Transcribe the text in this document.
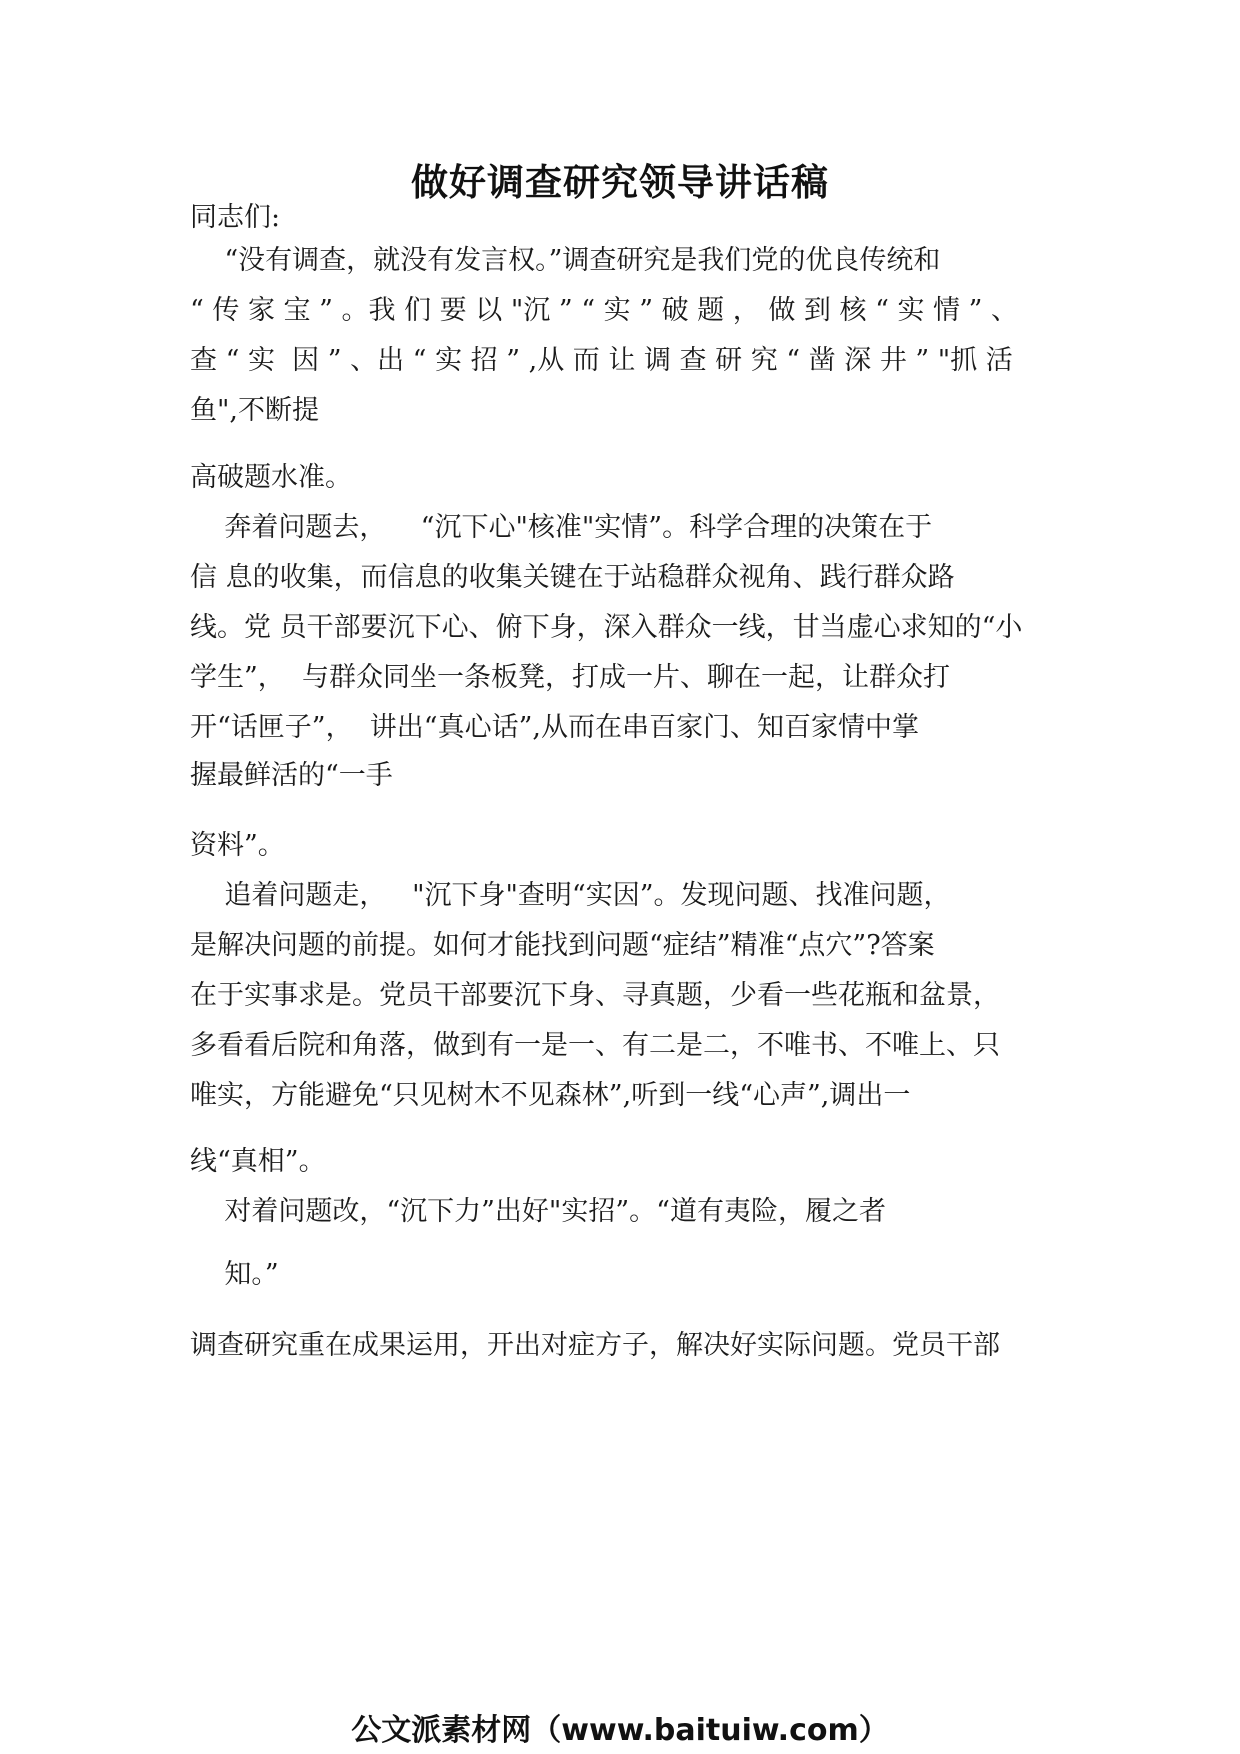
做好调查研究领导讲话稿
同志们:
“没有调查，就没有发言权。”调查研究是我们党的优良传统和
“ 传 家 宝 ” 。我 们 要 以 "沉 ” “ 实 ” 破 题 ， 做 到 核 “ 实 情 ” 、
查 “ 实  因 ” 、出 “ 实 招 ” ,从 而 让 调 查 研 究 “ 凿 深 井 ” "抓 活
鱼",不断提
高破题水准。
奔着问题去，    “沉下心"核准"实情”。科学合理的决策在于
信 息的收集，而信息的收集关键在于站稳群众视角、践行群众路
线。党 员干部要沉下心、俯下身，深入群众一线，甘当虚心求知的“小
学生”，  与群众同坐一条板凳，打成一片、聊在一起，让群众打
开“话匣子”，  讲出“真心话”,从而在串百家门、知百家情中掌
握最鲜活的“一手
资料”。
追着问题走，   "沉下身"查明“实因”。发现问题、找准问题，
是解决问题的前提。如何才能找到问题“症结”精准“点穴”?答案
在于实事求是。党员干部要沉下身、寻真题，少看一些花瓶和盆景，
多看看后院和角落，做到有一是一、有二是二，不唯书、不唯上、只
唯实，方能避免“只见树木不见森林”,听到一线“心声”,调出一
线“真相”。
对着问题改，“沉下力”出好"实招”。“道有夷险，履之者
知。”
调查研究重在成果运用，开出对症方子，解决好实际问题。党员干部
公文派素材网（www.baituiw.com）
